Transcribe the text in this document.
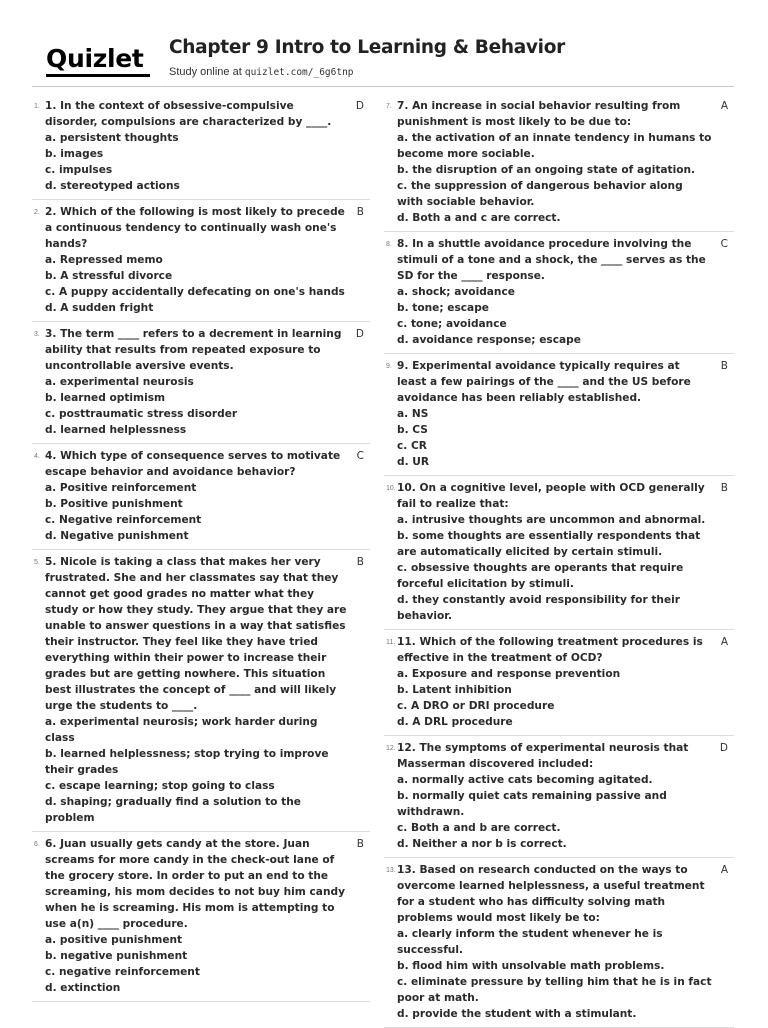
Quizlet Chapter 9 Intro to Learning & Behavior
Study online at quizlet.com/_6g6tnp
1. 1. In the context of obsessive-compulsive disorder, compulsions are characterized by ____.
a. persistent thoughts
b. images
c. impulses
d. stereotyped actions
D
2. 2. Which of the following is most likely to precede a continuous tendency to continually wash one's hands?
a. Repressed memo
b. A stressful divorce
c. A puppy accidentally defecating on one's hands
d. A sudden fright
B
3. 3. The term ____ refers to a decrement in learning ability that results from repeated exposure to uncontrollable aversive events.
a. experimental neurosis
b. learned optimism
c. posttraumatic stress disorder
d. learned helplessness
D
4. 4. Which type of consequence serves to motivate escape behavior and avoidance behavior?
a. Positive reinforcement
b. Positive punishment
c. Negative reinforcement
d. Negative punishment
C
5. 5. Nicole is taking a class that makes her very frustrated. She and her classmates say that they cannot get good grades no matter what they study or how they study. They argue that they are unable to answer questions in a way that satisfies their instructor. They feel like they have tried everything within their power to increase their grades but are getting nowhere. This situation best illustrates the concept of ____ and will likely urge the students to ____.
a. experimental neurosis; work harder during class
b. learned helplessness; stop trying to improve their grades
c. escape learning; stop going to class
d. shaping; gradually find a solution to the problem
B
6. 6. Juan usually gets candy at the store. Juan screams for more candy in the check-out lane of the grocery store. In order to put an end to the screaming, his mom decides to not buy him candy when he is screaming. His mom is attempting to use a(n) ____ procedure.
a. positive punishment
b. negative punishment
c. negative reinforcement
d. extinction
B
7. 7. An increase in social behavior resulting from punishment is most likely to be due to:
a. the activation of an innate tendency in humans to become more sociable.
b. the disruption of an ongoing state of agitation.
c. the suppression of dangerous behavior along with sociable behavior.
d. Both a and c are correct.
A
8. 8. In a shuttle avoidance procedure involving the stimuli of a tone and a shock, the ____ serves as the SD for the ____ response.
a. shock; avoidance
b. tone; escape
c. tone; avoidance
d. avoidance response; escape
C
9. 9. Experimental avoidance typically requires at least a few pairings of the ____ and the US before avoidance has been reliably established.
a. NS
b. CS
c. CR
d. UR
B
10. 10. On a cognitive level, people with OCD generally fail to realize that:
a. intrusive thoughts are uncommon and abnormal.
b. some thoughts are essentially respondents that are automatically elicited by certain stimuli.
c. obsessive thoughts are operants that require forceful elicitation by stimuli.
d. they constantly avoid responsibility for their behavior.
B
11. 11. Which of the following treatment procedures is effective in the treatment of OCD?
a. Exposure and response prevention
b. Latent inhibition
c. A DRO or DRI procedure
d. A DRL procedure
A
12. 12. The symptoms of experimental neurosis that Masserman discovered included:
a. normally active cats becoming agitated.
b. normally quiet cats remaining passive and withdrawn.
c. Both a and b are correct.
d. Neither a nor b is correct.
D
13. 13. Based on research conducted on the ways to overcome learned helplessness, a useful treatment for a student who has difficulty solving math problems would most likely be to:
a. clearly inform the student whenever he is successful.
b. flood him with unsolvable math problems.
c. eliminate pressure by telling him that he is in fact poor at math.
d. provide the student with a stimulant.
A
